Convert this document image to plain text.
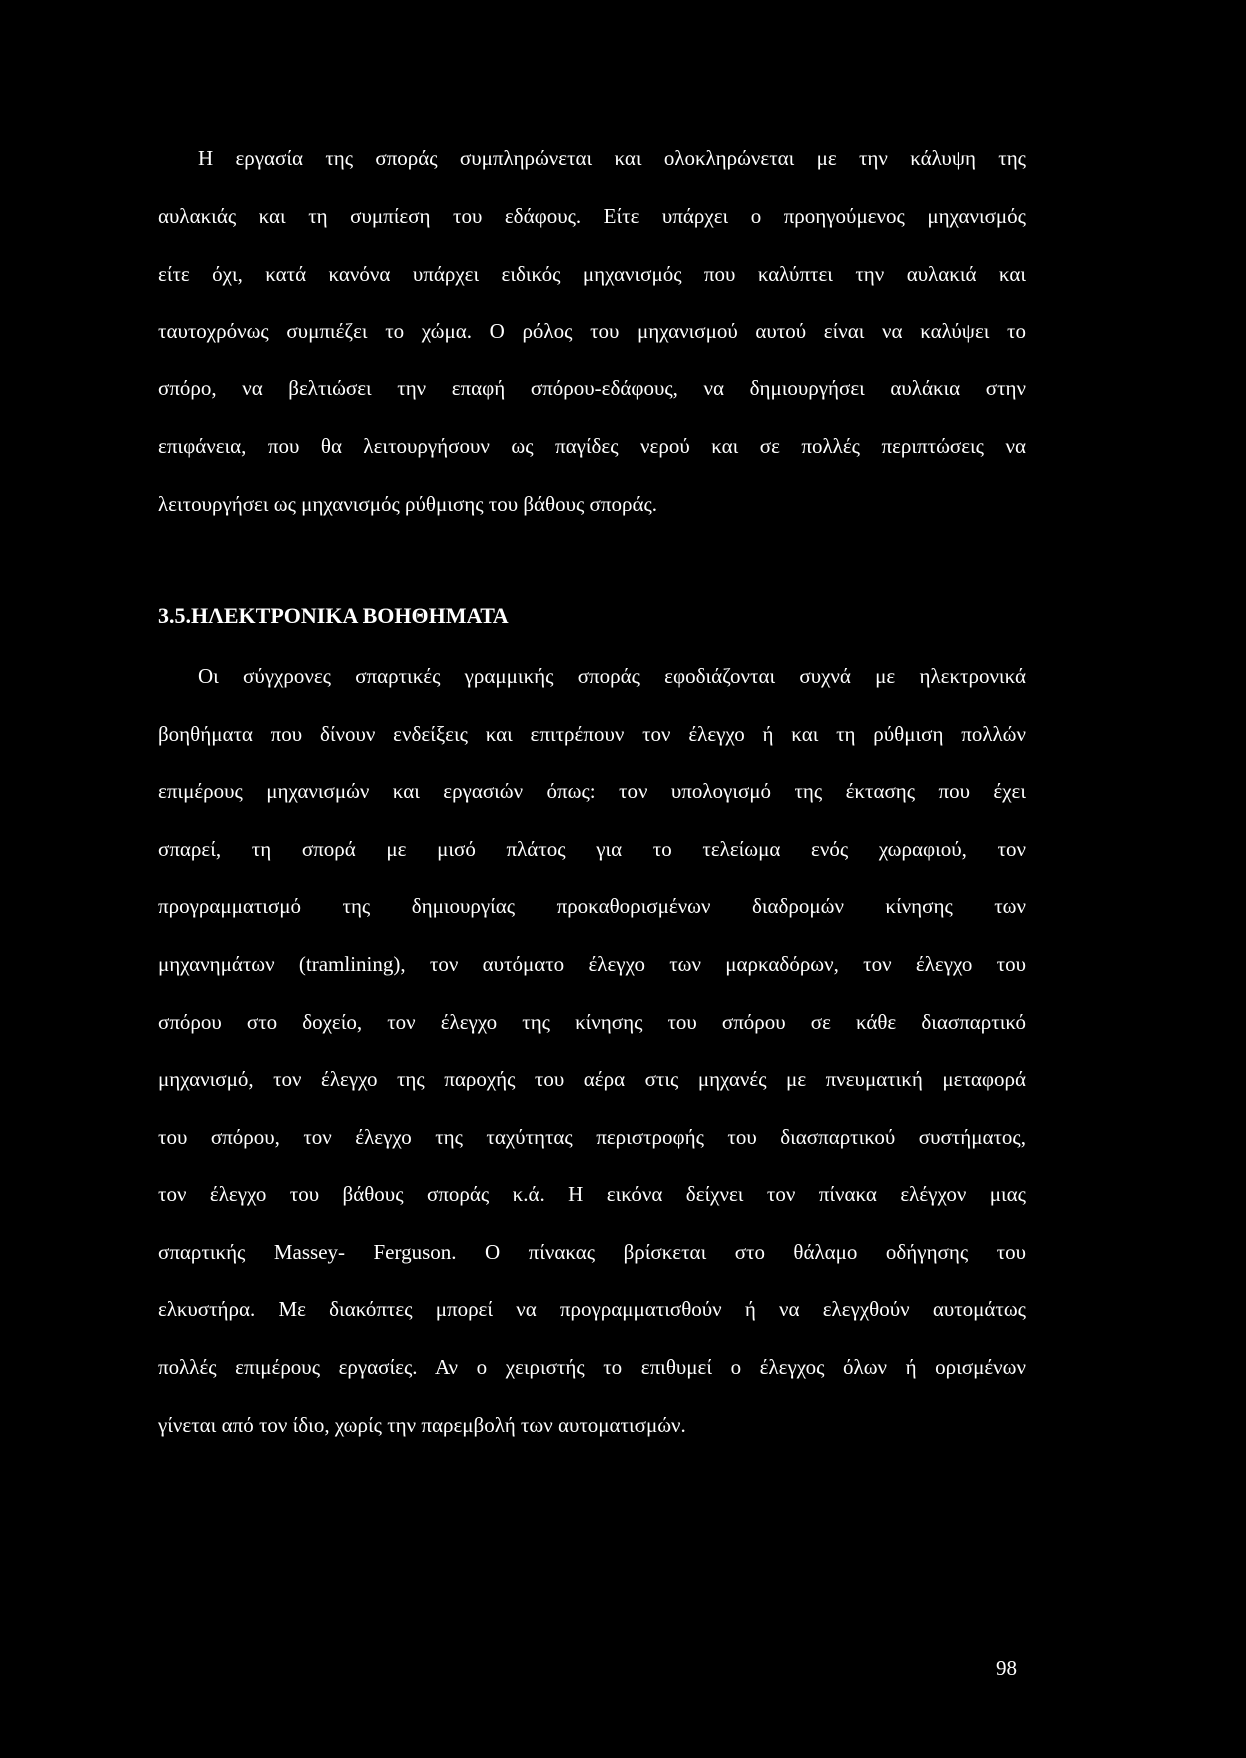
Η εργασία της σποράς συμπληρώνεται και ολοκληρώνεται με την κάλυψη της
αυλακιάς και τη συμπίεση του εδάφους. Είτε υπάρχει ο προηγούμενος μηχανισμός
είτε όχι, κατά κανόνα υπάρχει ειδικός μηχανισμός που καλύπτει την αυλακιά και
ταυτοχρόνως συμπιέζει το χώμα. Ο ρόλος του μηχανισμού αυτού είναι να καλύψει το
σπόρο, να βελτιώσει την επαφή σπόρου-εδάφους, να δημιουργήσει αυλάκια στην
επιφάνεια, που θα λειτουργήσουν ως παγίδες νερού και σε πολλές περιπτώσεις να
λειτουργήσει ως μηχανισμός ρύθμισης του βάθους σποράς.
3.5.ΗΛΕΚΤΡΟΝΙΚΑ ΒΟΗΘΗΜΑΤΑ
Οι σύγχρονες σπαρτικές γραμμικής σποράς εφοδιάζονται συχνά με ηλεκτρονικά
βοηθήματα που δίνουν ενδείξεις και επιτρέπουν τον έλεγχο ή και τη ρύθμιση πολλών
επιμέρους μηχανισμών και εργασιών όπως: τον υπολογισμό της έκτασης που έχει
σπαρεί, τη σπορά με μισό πλάτος για το τελείωμα ενός χωραφιού, τον
προγραμματισμό της δημιουργίας προκαθορισμένων διαδρομών κίνησης των
μηχανημάτων (tramlining), τον αυτόματο έλεγχο των μαρκαδόρων, τον έλεγχο του
σπόρου στο δοχείο, τον έλεγχο της κίνησης του σπόρου σε κάθε διασπαρτικό
μηχανισμό, τον έλεγχο της παροχής του αέρα στις μηχανές με πνευματική μεταφορά
του σπόρου, τον έλεγχο της ταχύτητας περιστροφής του διασπαρτικού συστήματος,
τον έλεγχο του βάθους σποράς κ.ά. Η εικόνα δείχνει τον πίνακα ελέγχον μιας
σπαρτικής Massey- Ferguson. Ο πίνακας βρίσκεται στο θάλαμο οδήγησης του
ελκυστήρα. Με διακόπτες μπορεί να προγραμματισθούν ή να ελεγχθούν αυτομάτως
πολλές επιμέρους εργασίες. Αν ο χειριστής το επιθυμεί ο έλεγχος όλων ή ορισμένων
γίνεται από τον ίδιο, χωρίς την παρεμβολή των αυτοματισμών.
98
